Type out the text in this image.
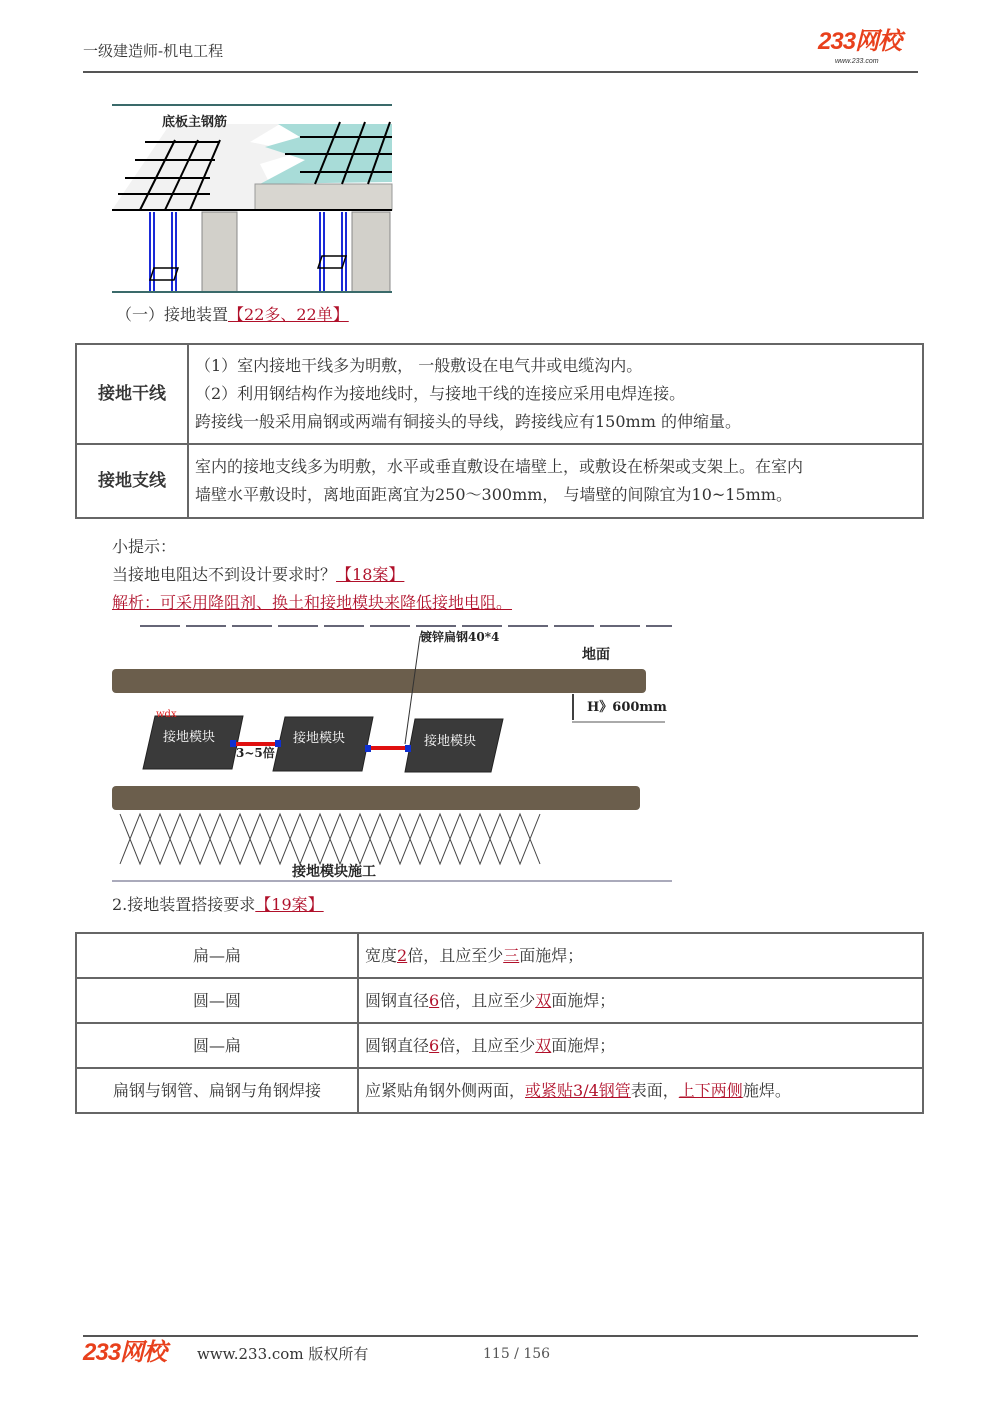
一级建造师-机电工程	233网校
www.233.com
底板主钢筋
（一）接地装置【22多、22单】
接地干线	（1）室内接地干线多为明敷， 一般敷设在电气井或电缆沟内。
（2）利用钢结构作为接地线时，与接地干线的连接应采用电焊连接。
跨接线一般采用扁钢或两端有铜接头的导线，跨接线应有150mm 的伸缩量。

接地支线	室内的接地支线多为明敷，水平或垂直敷设在墙壁上，或敷设在桥架或支架上。在室内
墙壁水平敷设时，离地面距离宜为250～300mm， 与墙壁的间隙宜为10~15mm。
小提示：
当接地电阻达不到设计要求时？【18案】
解析：可采用降阻剂、换土和接地模块来降低接地电阻。
镀锌扁钢40*4
地面
H》600mm
wdx
接地模块	接地模块	接地模块
3~5倍
接地模块施工
2.接地装置搭接要求【19案】
扁—扁	宽度2倍，且应至少三面施焊；
圆—圆	圆钢直径6倍，且应至少双面施焊；
圆—扁	圆钢直径6倍，且应至少双面施焊；
扁钢与钢管、扁钢与角钢焊接	应紧贴角钢外侧两面，或紧贴3/4钢管表面，上下两侧施焊。
233网校 www.233.com 版权所有	115 / 156
